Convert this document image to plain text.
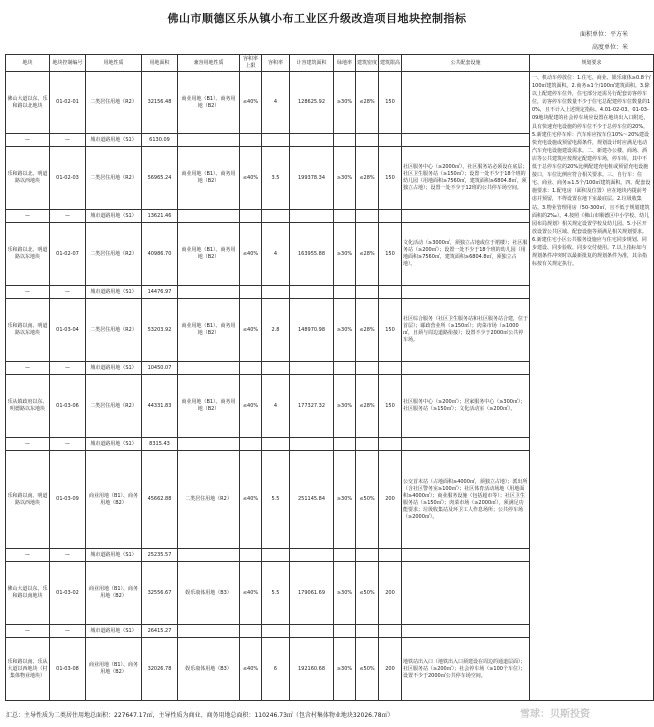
佛山市顺德区乐从镇小布工业区升级改造项目地块控制指标
面积单位：平方米
高度单位：米
地块	地块控制编号	用地性质	用地面积	兼容用地性质	容积率上限	容积率	计容建筑面积	绿地率	建筑密度	建筑限高	公共配套设施	规划要求
佛山大道以东、乐和路以北地块	01-02-01	二类居住用地（R2）	32156.48	商业用地（B1）、商务用地（B2）	≤40%	4	128625.92	≥30%	≤28%	150		一、机动车停放位：1.住宅、商业、娱乐康体≥0.8个/100㎡建筑面积。2.商务≥1个/100㎡建筑面积。3.除以上配建停车位外，住宅部分还需另行配套访客停车位，访客停车位数量不少于住宅总配建停车位数量的10%，且不计入上述规定指标。4.01-02-03、01-03-09地块配建的社会停车场应设置在地块出入口附近，具有快速充电设施的停车位不少于总停车位的20%。5.新建住宅停车库：汽车库应按车位10%～20%建设快充电设施或预留电源条件，规划设计时应满足电动汽车充电设施建设需求。二、新建办公楼、商场、酒店等公共建筑应按规定配建停车场，停车库，其中不低于总停车位的20%比例配建充电桩或预留充电设施接口，车位比例应符合相关要求。三、自行车：住宅、商业、商务≥1.5个/100㎡建筑面积。四、配套设施要求：1.配电房（面积及位置）应在地块内提前考虑并预留，不得设置在地下室最底层。2.垃圾收集站。3.物业管理用房（50-300㎡，且不低于规划建筑面积的2‰）。4.按照《佛山市顺德区中小学校、幼儿园布局规划》相关规定设置学校及幼儿园。5.小区开放设置公共区域、配套设施等须满足相关规划要求。6.新建住宅小区公共服务设施应与住宅同步规划、同步建设、同步验收、同步交付使用。7.以上指标如与规划条件冲突时以最新批复的规划条件为准，其余指标按有关规定执行。
—	—	城市道路用地（S1）	6130.09									
乐和路以北、明道路以西地块	01-02-03	二类居住用地（R2）	56965.24	商业用地（B1）、商务用地（B2）	≤40%	3.5	199378.34	≥30%	≤28%	150	社区服务中心（≥2000㎡），社区服务站必须设在底层；社区卫生服务站（≥150㎡）；设置一处不少于18个班的幼儿园（用地面积≥7560㎡，建筑面积≥6804.8㎡，须独立占地）；设置一处不少于12班的公共停车场空间。	
—	—	城市道路用地（S1）	13621.46									
乐和路以北、明道路以东地块	01-02-07	二类居住用地（R2）	40986.70	商业用地（B1）、商务用地（B2）	≤40%	4	163955.88	≥30%	≤28%	150	文化活动（≥3000㎡，须独立占地或位于裙楼）；社区服务站（≥200㎡）；设置一处不少于18个班的幼儿园（用地面积≥7560㎡，建筑面积≥6804.8㎡，须独立占地）。	
—	—	城市道路用地（S1）	14476.97									
乐和路以南、明道路以东地块	01-03-04	二类居住用地（R2）	53203.92	商业用地（B1）、商务用地（B2）	≤40%	2.8	148970.98	≥30%	≤28%	150	社区综合服务（社区卫生服务站和社区服务站合建，位于首层）；邮政营业所（≥150㎡）；肉菜市场（≥1000㎡，且须与周边道路衔接）；设置不少于2000㎡公共停车场。	
—	—	城市道路用地（S1）	10450.07									
乐从镇政府以东、明德路以东地块	01-03-06	二类居住用地（R2）	44331.83	商业用地（B1）、商务用地（B2）	≤40%	4	177327.32	≥30%	≤28%	150	社区服务中心（≥200㎡）；居家服务中心（≥300㎡）；社区服务站（≥150㎡）；文化活动室（≥200㎡）。	
—	—	城市道路用地（S1）	8315.43									
乐和路以南、明道路以西地块	01-03-09	商业用地（B1）、商务用地（B2）	45662.88	二类居住用地（R2）	≤40%	5.5	251145.84	≥30%	≤50%	200	公交首末站（占地面积≥4000㎡，须独立占地）；派出所（含社区警务室≥100㎡）；社区体育活动场地（用地面积≥4000㎡）；商业服务设施（包括超市等）；社区卫生服务站（≥150㎡）；肉菜市场（≥2000㎡），须满足功能要求；垃圾收集站及环卫工人作息场所；公共停车场（≥2000㎡）。	
—	—	城市道路用地（S1）	25235.57									
佛山大道以东、乐和路以南地块	01-03-02	商业用地（B1）、商务用地（B2）	32556.67	娱乐康体用地（B3）	≤40%	5.5	179061.69	≥30%	≤50%	200		
—	—	城市道路用地（S1）	26415.27									
乐和路以南、乐从大道以西地块（村集体物业地块）	01-03-08	商业用地（B1）、商务用地（B2）	32026.78	娱乐康体用地（B3）	≤40%	6	192160.68	≥30%	≤50%	200	地铁站出入口（地铁出入口须建设在周边的通道层面）；社区服务站（≥200㎡）；社会停车场（≥100个车位）；设置不少于2000㎡公共停车场空间。	
汇总：主导性质为二类居住用地总面积：227647.17㎡，主导性质为商业、商务用地总面积：110246.73㎡（包含村集体物业地块32026.78㎡）	雪球：贝斯投资
